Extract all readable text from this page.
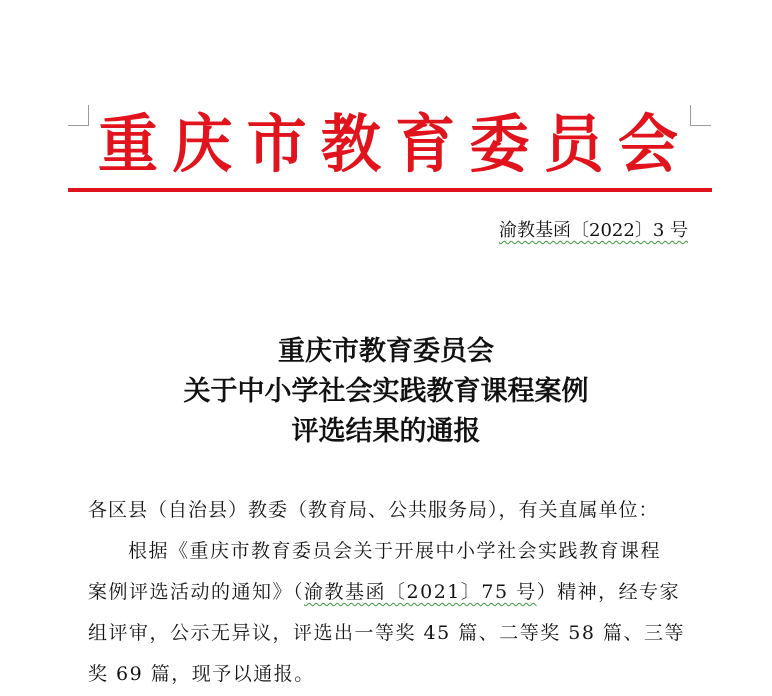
重 庆 市 教 育 委 员 会
渝教基函〔2022〕3 号
重庆市教育委员会
关于中小学社会实践教育课程案例
评选结果的通报

各区县（自治县）教委（教育局、公共服务局），有关直属单位：

根据《重庆市教育委员会关于开展中小学社会实践教育课程

案例评选活动的通知》（渝教基函〔2021〕75 号）精神，经专家

组评审，公示无异议，评选出一等奖 45 篇、二等奖 58 篇、三等

奖 69 篇，现予以通报。
